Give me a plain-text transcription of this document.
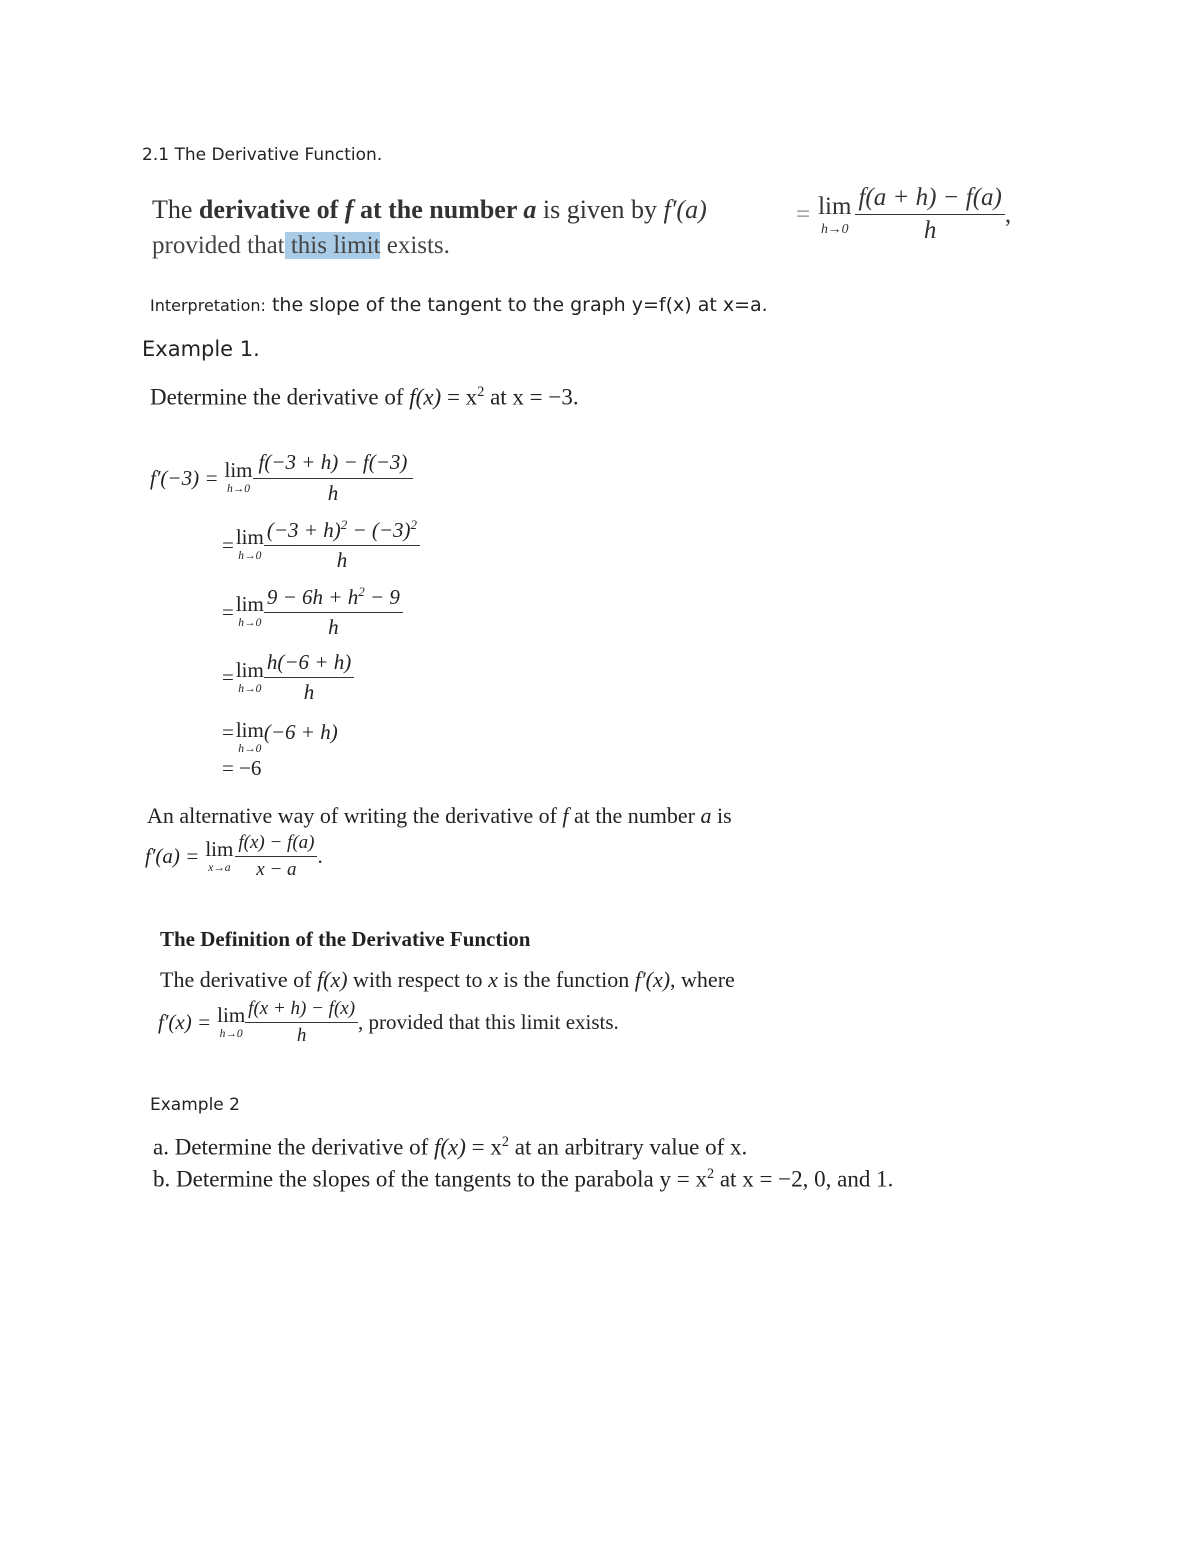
2.1 The Derivative Function.
The derivative of f at the number a is given by f′(a)	= lim
$h\to 0 \frac{f(a + h) - f(a)}{h}$ ,
provided that this limit exists.
Interpretation: the slope of the tangent to the graph y=f(x) at x=a.
Example 1.
Determine the derivative of $f(x) = x^2$ at x = −3.
f′(−3) = lim
$h\to 0 \frac{f(-3 + h) - f(-3)}{h}$
= lim
$h\to 0 \frac{(-3 + h)^2 - (-3)^2}{h}$
= lim
$h\to 0 \frac{9 - 6h + h^2 - 9}{h}$
= lim
$h\to 0 \frac{h(-6 + h)}{h}$
= lim
h→0
(−6 + h)
= −6
An alternative way of writing the derivative of f at the number a is
f′(a) = lim
$x\to a \frac{f(x) - f(a)}{x - a}$ .
The Definition of the Derivative Function
The derivative of f(x) with respect to x is the function f′(x), where
f′(x) = lim
$h\to 0 \frac{f(x + h) - f(x)}{h}$ , provided that this limit exists.
Example 2
a. Determine the derivative of $f(x) = x^2$ at an arbitrary value of x.
b. Determine the slopes of the tangents to the parabola $y = x^2$ at x = −2, 0, and 1.
